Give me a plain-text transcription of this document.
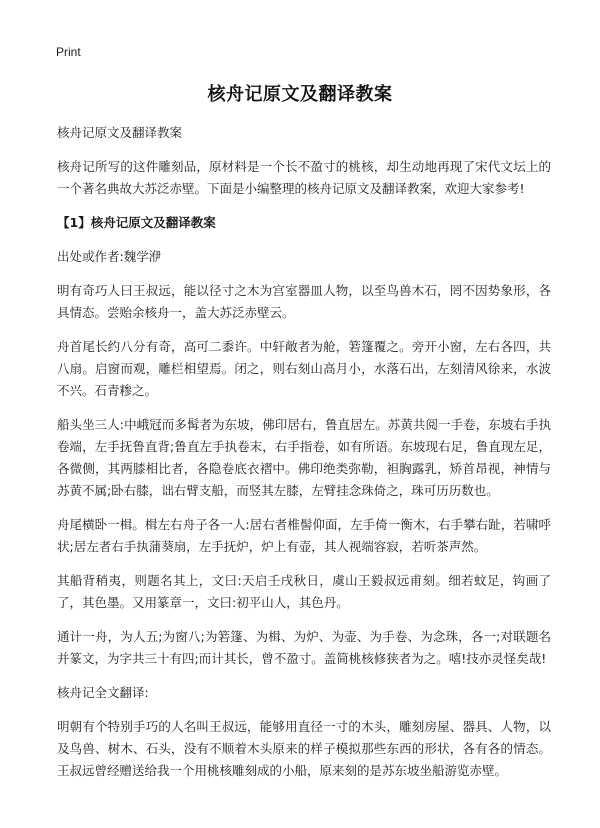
Print
核舟记原文及翻译教案

核舟记原文及翻译教案

核舟记所写的这件雕刻品，原材料是一个长不盈寸的桃核，却生动地再现了宋代文坛上的一个著名典故大苏泛赤壁。下面是小编整理的核舟记原文及翻译教案，欢迎大家参考!

【1】核舟记原文及翻译教案

出处或作者:魏学洢

明有奇巧人曰王叔远，能以径寸之木为宫室器皿人物，以至鸟兽木石，罔不因势象形，各具情态。尝贻余核舟一，盖大苏泛赤壁云。

舟首尾长约八分有奇，高可二黍许。中轩敞者为舱，箬篷覆之。旁开小窗，左右各四，共八扇。启窗而观，雕栏相望焉。闭之，则右刻山高月小，水落石出，左刻清风徐来，水波不兴。石青糁之。

船头坐三人:中峨冠而多髯者为东坡，佛印居右，鲁直居左。苏黄共阅一手卷，东坡右手执卷端，左手抚鲁直背;鲁直左手执卷末，右手指卷，如有所语。东坡现右足，鲁直现左足，各微侧，其两膝相比者，各隐卷底衣褶中。佛印绝类弥勒，袒胸露乳，矫首昂视，神情与苏黄不属;卧右膝，诎右臂支船，而竖其左膝，左臂挂念珠倚之，珠可历历数也。

舟尾横卧一楫。楫左右舟子各一人:居右者椎髻仰面，左手倚一衡木，右手攀右趾，若啸呼状;居左者右手执蒲葵扇，左手抚炉，炉上有壶，其人视端容寂，若听茶声然。

其船背稍夷，则题名其上，文曰:天启壬戌秋日，虞山王毅叔远甫刻。细若蚊足，钩画了了，其色墨。又用篆章一，文曰:初平山人，其色丹。

通计一舟，为人五;为窗八;为箬篷、为楫、为炉、为壶、为手卷、为念珠，各一;对联题名并篆文，为字共三十有四;而计其长，曾不盈寸。盖简桃核修狭者为之。嘻!技亦灵怪矣哉!

核舟记全文翻译:

明朝有个特别手巧的人名叫王叔远，能够用直径一寸的木头，雕刻房屋、器具、人物，以及鸟兽、树木、石头，没有不顺着木头原来的样子模拟那些东西的形状，各有各的情态。王叔远曾经赠送给我一个用桃核雕刻成的小船，原来刻的是苏东坡坐船游览赤壁。
